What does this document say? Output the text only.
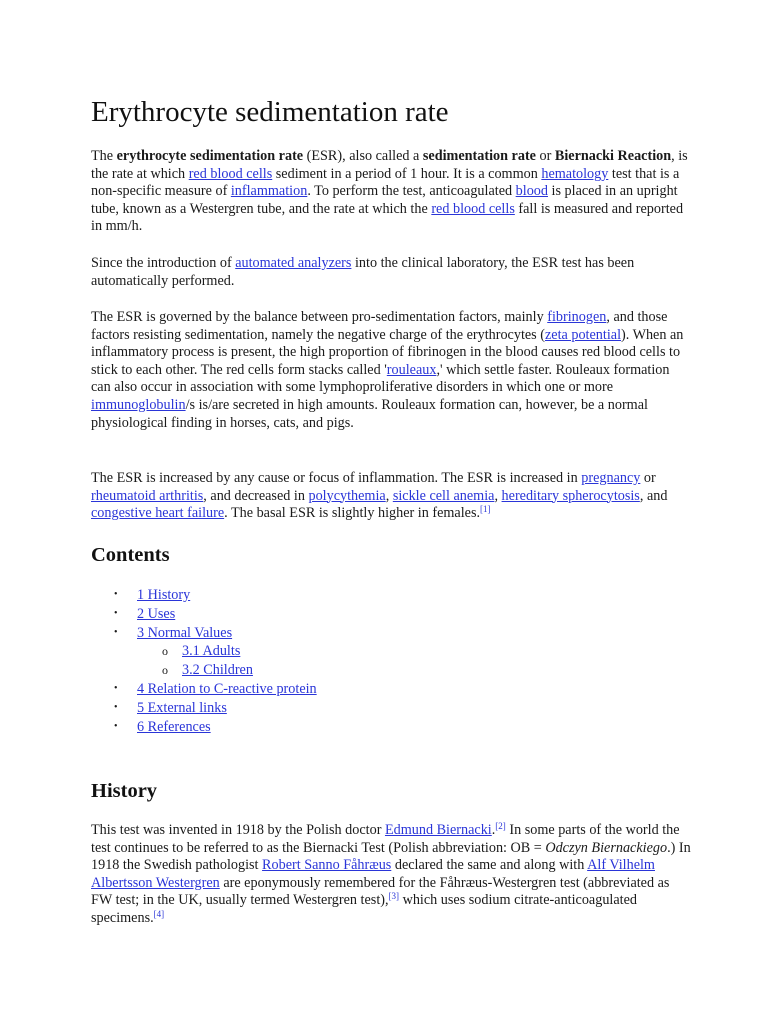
Erythrocyte sedimentation rate

The erythrocyte sedimentation rate (ESR), also called a sedimentation rate or Biernacki Reaction, is the rate at which red blood cells sediment in a period of 1 hour. It is a common hematology test that is a non-specific measure of inflammation. To perform the test, anticoagulated blood is placed in an upright tube, known as a Westergren tube, and the rate at which the red blood cells fall is measured and reported in mm/h.

Since the introduction of automated analyzers into the clinical laboratory, the ESR test has been automatically performed.

The ESR is governed by the balance between pro-sedimentation factors, mainly fibrinogen, and those factors resisting sedimentation, namely the negative charge of the erythrocytes (zeta potential). When an inflammatory process is present, the high proportion of fibrinogen in the blood causes red blood cells to stick to each other. The red cells form stacks called 'rouleaux,' which settle faster. Rouleaux formation can also occur in association with some lymphoproliferative disorders in which one or more immunoglobulin/s is/are secreted in high amounts. Rouleaux formation can, however, be a normal physiological finding in horses, cats, and pigs.

The ESR is increased by any cause or focus of inflammation. The ESR is increased in pregnancy or rheumatoid arthritis, and decreased in polycythemia, sickle cell anemia, hereditary spherocytosis, and congestive heart failure. The basal ESR is slightly higher in females.[1]

Contents
• 1 History
• 2 Uses
• 3 Normal Values
o 3.1 Adults
o 3.2 Children
• 4 Relation to C-reactive protein
• 5 External links
• 6 References
History

This test was invented in 1918 by the Polish doctor Edmund Biernacki.[2] In some parts of the world the test continues to be referred to as the Biernacki Test (Polish abbreviation: OB = Odczyn Biernackiego.) In 1918 the Swedish pathologist Robert Sanno Fåhræus declared the same and along with Alf Vilhelm Albertsson Westergren are eponymously remembered for the Fåhræus-Westergren test (abbreviated as FW test; in the UK, usually termed Westergren test),[3] which uses sodium citrate-anticoagulated specimens.[4]
